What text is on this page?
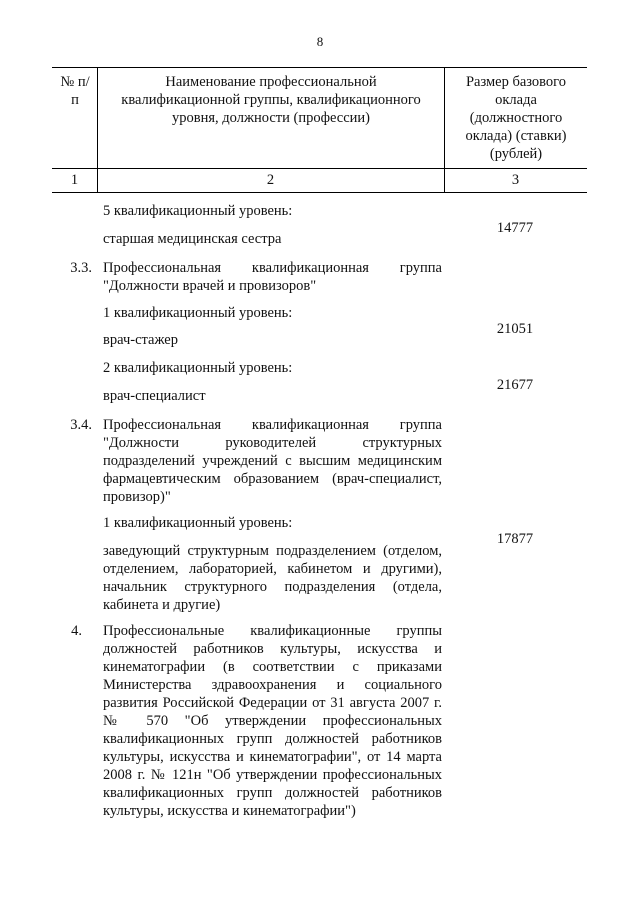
8
№ п/п
Наименование профессиональной квалификационной группы, квалификационного уровня, должности (профессии)
Размер базового оклада (должностного оклада) (ставки) (рублей)
1	2	3
5 квалификационный уровень:
старшая медицинская сестра
14777
3.3. Профессиональная квалификационная группа "Должности врачей и провизоров"
1 квалификационный уровень:
врач-стажер
21051
2 квалификационный уровень:
врач-специалист
21677
3.4. Профессиональная квалификационная группа "Должности руководителей структурных подразделений учреждений с высшим медицинским фармацевтическим образованием (врач-специалист, провизор)"
1 квалификационный уровень:
заведующий структурным подразделением (отделом, отделением, лабораторией, кабинетом и другими), начальник структурного подразделения (отдела, кабинета и другие)
17877
4. Профессиональные квалификационные группы должностей работников культуры, искусства и кинематографии (в соответствии с приказами Министерства здравоохранения и социального развития Российской Федерации от 31 августа 2007 г. № 570 "Об утверждении профессиональных квалификационных групп должностей работников культуры, искусства и кинематографии", от 14 марта 2008 г. № 121н "Об утверждении профессиональных квалификационных групп должностей работников культуры, искусства и кинематографии")
